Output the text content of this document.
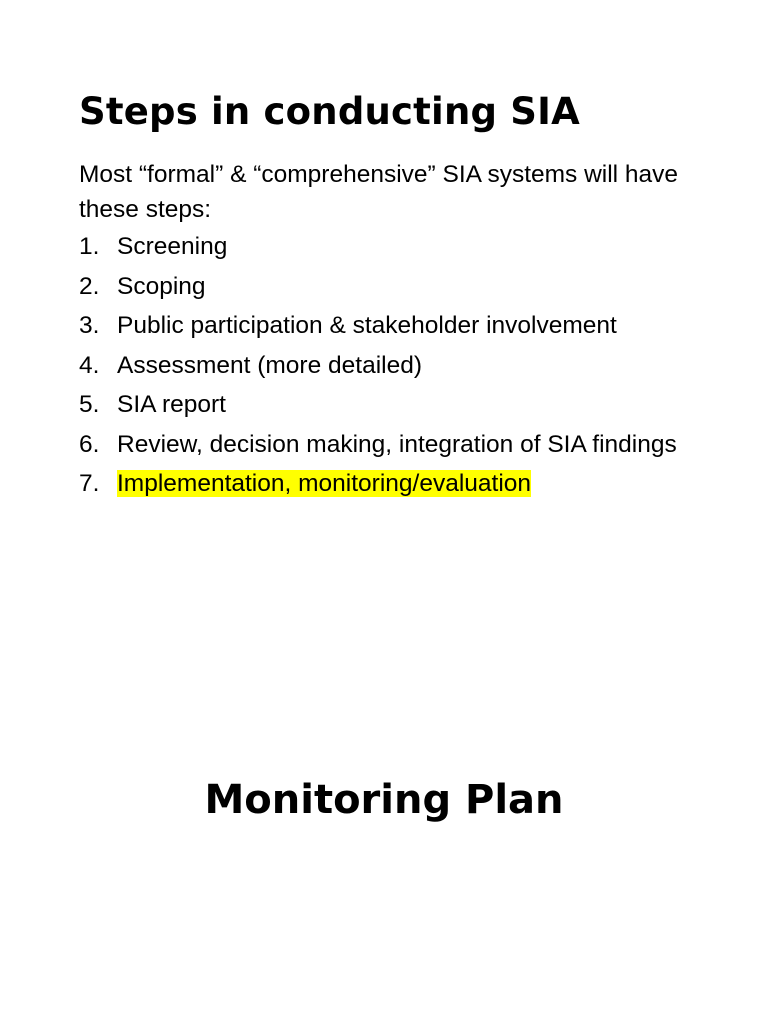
Steps in conducting SIA

Most “formal” & “comprehensive” SIA systems will have these steps:

1. Screening
2. Scoping
3. Public participation & stakeholder involvement
4. Assessment (more detailed)
5. SIA report
6. Review, decision making, integration of SIA findings
7. Implementation, monitoring/evaluation
Monitoring Plan
